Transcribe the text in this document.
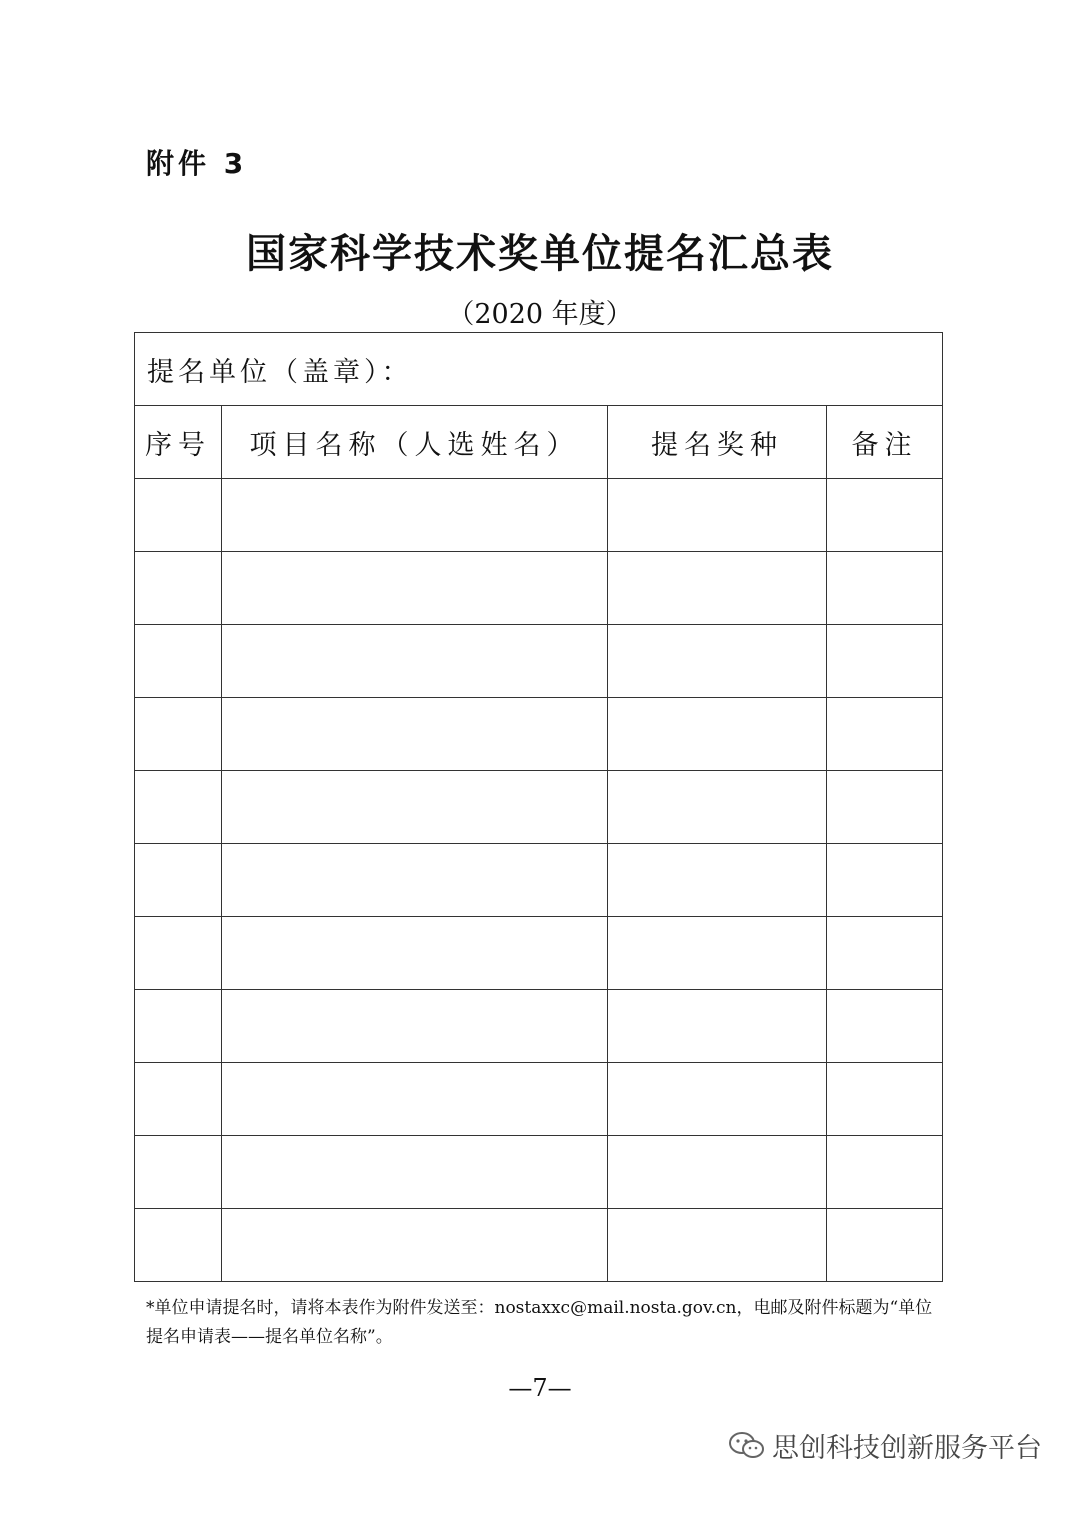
附件 3
国家科学技术奖单位提名汇总表
（2020 年度）
提名单位（盖章）：			
序号	项目名称（人选姓名）	提名奖种	备注

*单位申请提名时，请将本表作为附件发送至：nostaxxc@mail.nosta.gov.cn，电邮及附件标题为“单位提名申请表——提名单位名称”。
—7—
思创科技创新服务平台
